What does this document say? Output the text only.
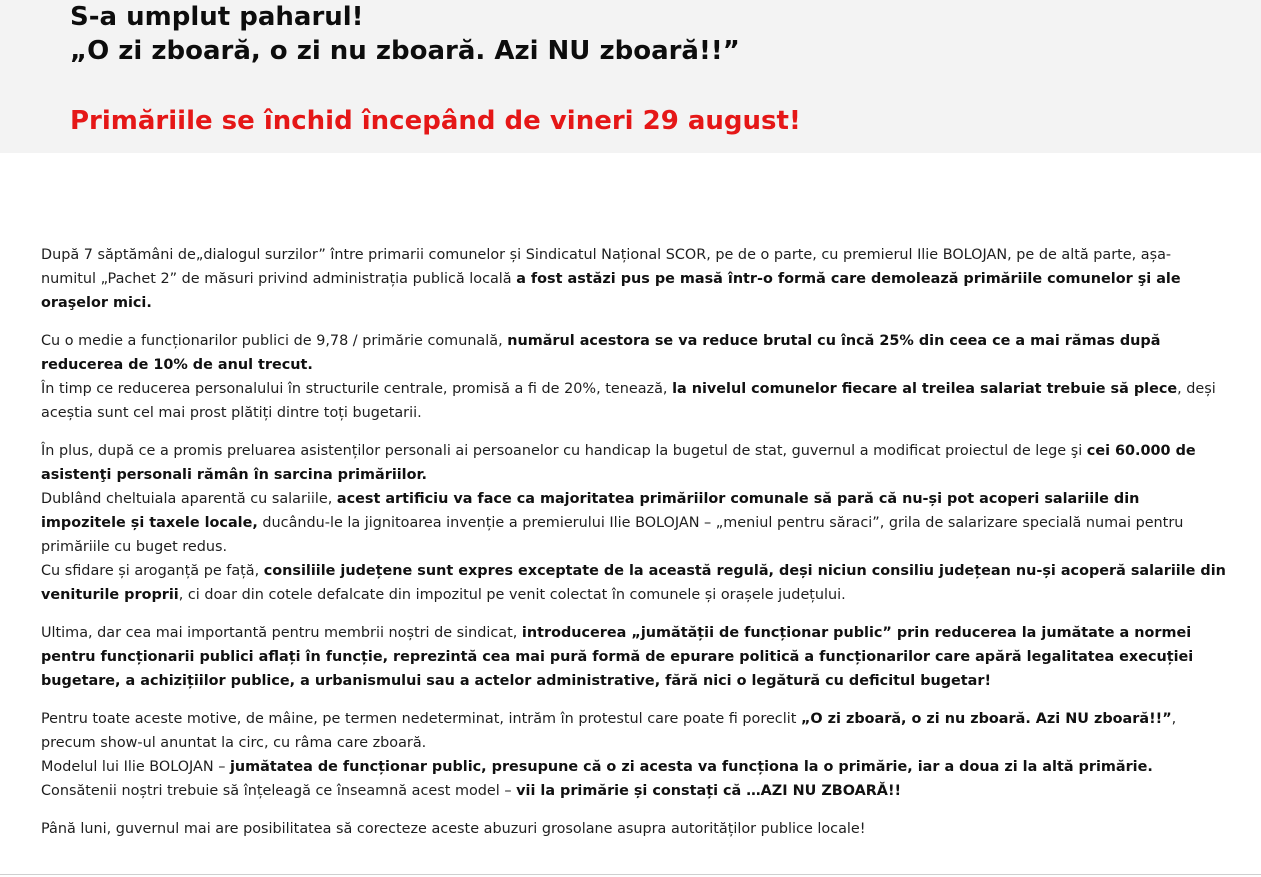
S-a umplut paharul!
„O zi zboară, o zi nu zboară. Azi NU zboară!!”
Primăriile se închid începând de vineri 29 august!

După 7 săptămâni de„dialogul surzilor” între primarii comunelor și Sindicatul Național SCOR, pe de o parte, cu premierul Ilie BOLOJAN, pe de altă parte, așa-numitul „Pachet 2” de măsuri privind administrația publică locală a fost astăzi pus pe masă într-o formă care demolează primăriile comunelor şi ale oraşelor mici.

Cu o medie a funcționarilor publici de 9,78 / primărie comunală, numărul acestora se va reduce brutal cu încă 25% din ceea ce a mai rămas după reducerea de 10% de anul trecut.
În timp ce reducerea personalului în structurile centrale, promisă a fi de 20%, tenează, la nivelul comunelor fiecare al treilea salariat trebuie să plece, deși aceștia sunt cel mai prost plătiți dintre toți bugetarii.

În plus, după ce a promis preluarea asistenților personali ai persoanelor cu handicap la bugetul de stat, guvernul a modificat proiectul de lege şi cei 60.000 de asistenţi personali rămân în sarcina primăriilor.
Dublând cheltuiala aparentă cu salariile, acest artificiu va face ca majoritatea primăriilor comunale să pară că nu-și pot acoperi salariile din impozitele și taxele locale, ducându-le la jignitoarea invenție a premierului Ilie BOLOJAN – „meniul pentru săraci”, grila de salarizare specială numai pentru primăriile cu buget redus.
Cu sfidare și aroganță pe față, consiliile județene sunt expres exceptate de la această regulă, deși niciun consiliu județean nu-și acoperă salariile din veniturile proprii, ci doar din cotele defalcate din impozitul pe venit colectat în comunele și orașele județului.

Ultima, dar cea mai importantă pentru membrii noștri de sindicat, introducerea „jumătății de funcționar public” prin reducerea la jumătate a normei pentru funcționarii publici aflați în funcție, reprezintă cea mai pură formă de epurare politică a funcționarilor care apără legalitatea execuției bugetare, a achizițiilor publice, a urbanismului sau a actelor administrative, fără nici o legătură cu deficitul bugetar!

Pentru toate aceste motive, de mâine, pe termen nedeterminat, intrăm în protestul care poate fi poreclit „O zi zboară, o zi nu zboară. Azi NU zboară!!”, precum show-ul anuntat la circ, cu râma care zboară.
Modelul lui Ilie BOLOJAN – jumătatea de funcționar public, presupune că o zi acesta va funcționa la o primărie, iar a doua zi la altă primărie.
Consătenii noștri trebuie să înțeleagă ce înseamnă acest model – vii la primărie și constați că …AZI NU ZBOARĂ!!

Până luni, guvernul mai are posibilitatea să corecteze aceste abuzuri grosolane asupra autorităților publice locale!
